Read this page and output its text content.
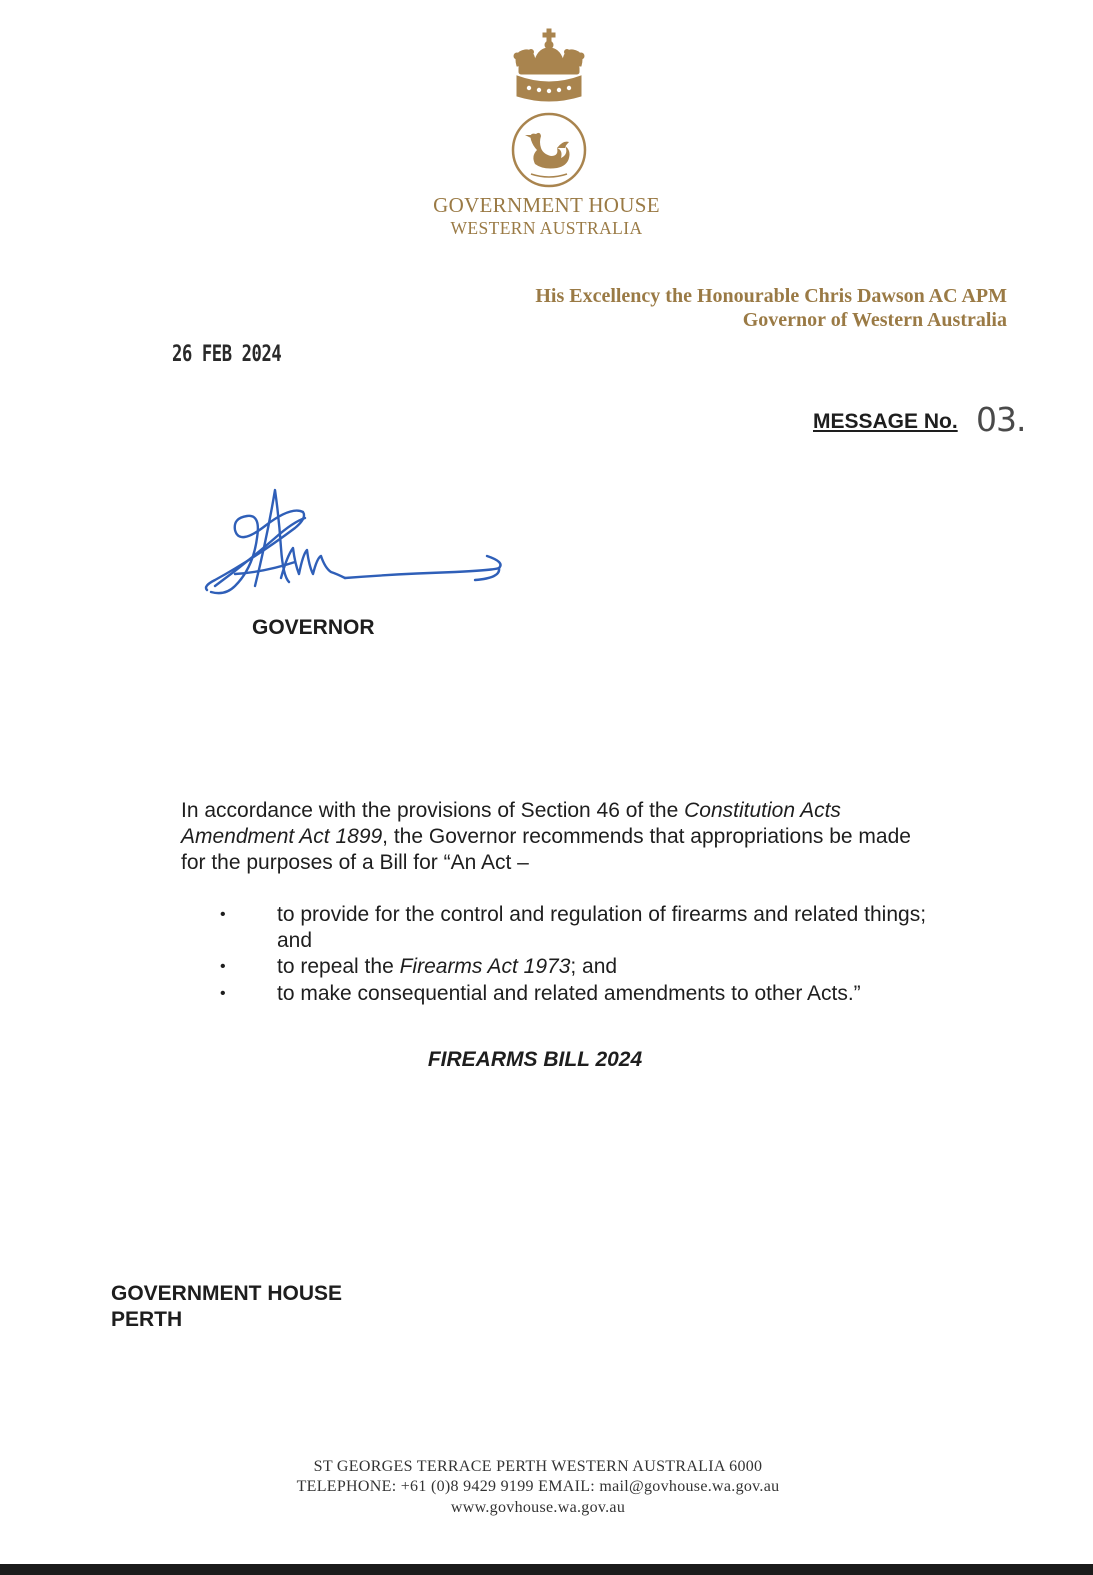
GOVERNMENT HOUSE
WESTERN AUSTRALIA
His Excellency the Honourable Chris Dawson AC APM
Governor of Western Australia
26 FEB 2024
MESSAGE No. 03.
GOVERNOR
In accordance with the provisions of Section 46 of the Constitution Acts Amendment Act 1899, the Governor recommends that appropriations be made for the purposes of a Bill for “An Act –
•	to provide for the control and regulation of firearms and related things; and
•	to repeal the Firearms Act 1973; and
•	to make consequential and related amendments to other Acts.”
FIREARMS BILL 2024
GOVERNMENT HOUSE
PERTH
ST GEORGES TERRACE PERTH WESTERN AUSTRALIA 6000
TELEPHONE: +61 (0)8 9429 9199 EMAIL: mail@govhouse.wa.gov.au
www.govhouse.wa.gov.au
